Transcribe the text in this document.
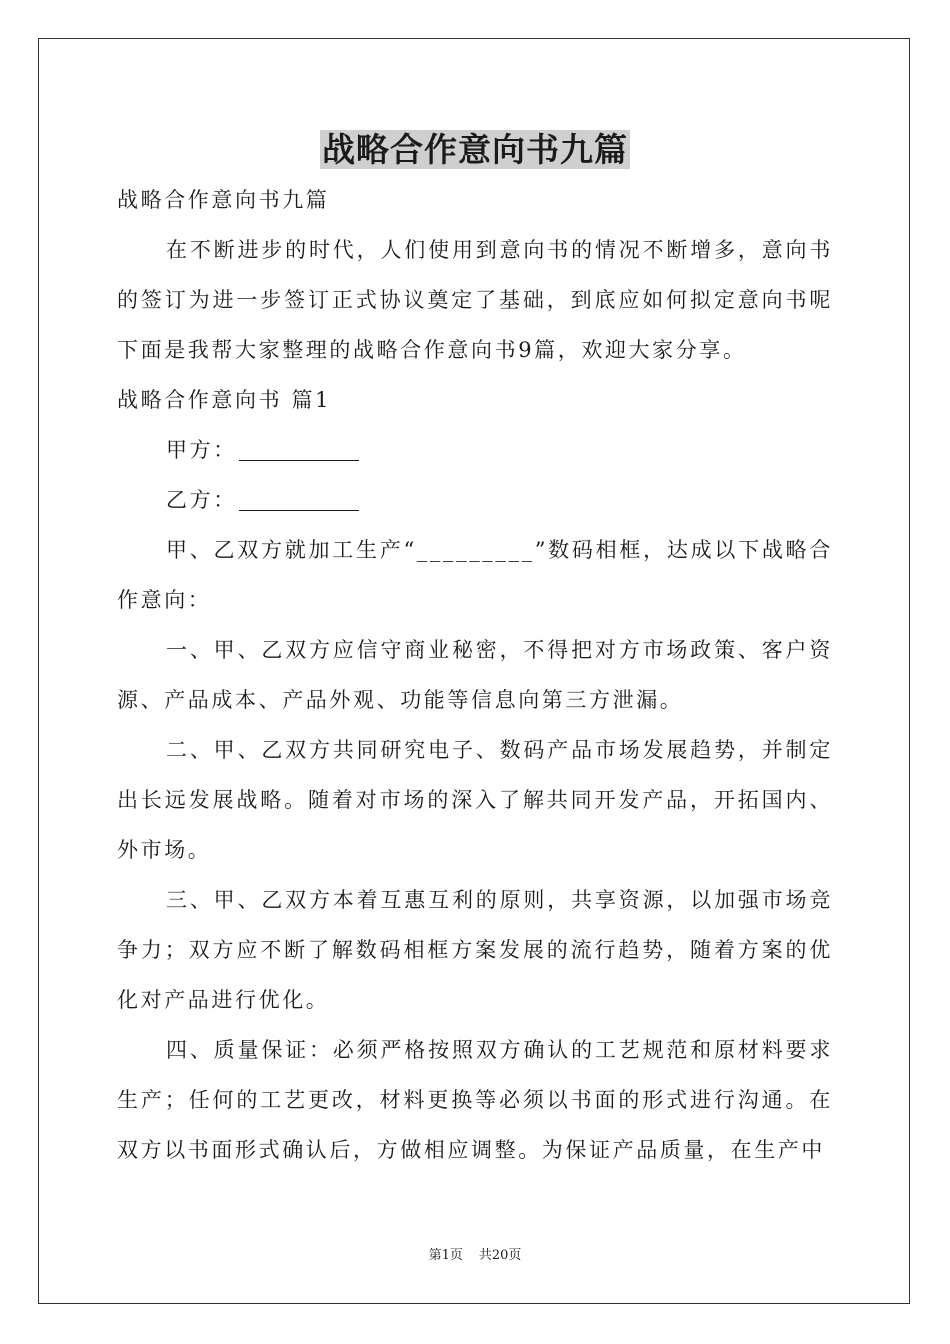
战略合作意向书九篇

战略合作意向书九篇

在不断进步的时代，人们使用到意向书的情况不断增多，意向书的签订为进一步签订正式协议奠定了基础，到底应如何拟定意向书呢下面是我帮大家整理的战略合作意向书9篇，欢迎大家分享。

战略合作意向书 篇1

甲方：

乙方：

甲、乙双方就加工生产“_________”数码相框，达成以下战略合作意向：

一、甲、乙双方应信守商业秘密，不得把对方市场政策、客户资源、产品成本、产品外观、功能等信息向第三方泄漏。

二、甲、乙双方共同研究电子、数码产品市场发展趋势，并制定出长远发展战略。随着对市场的深入了解共同开发产品，开拓国内、外市场。

三、甲、乙双方本着互惠互利的原则，共享资源，以加强市场竞争力；双方应不断了解数码相框方案发展的流行趋势，随着方案的优化对产品进行优化。

四、质量保证：必须严格按照双方确认的工艺规范和原材料要求生产；任何的工艺更改，材料更换等必须以书面的形式进行沟通。在双方以书面形式确认后，方做相应调整。为保证产品质量，在生产中

第1页 共20页
